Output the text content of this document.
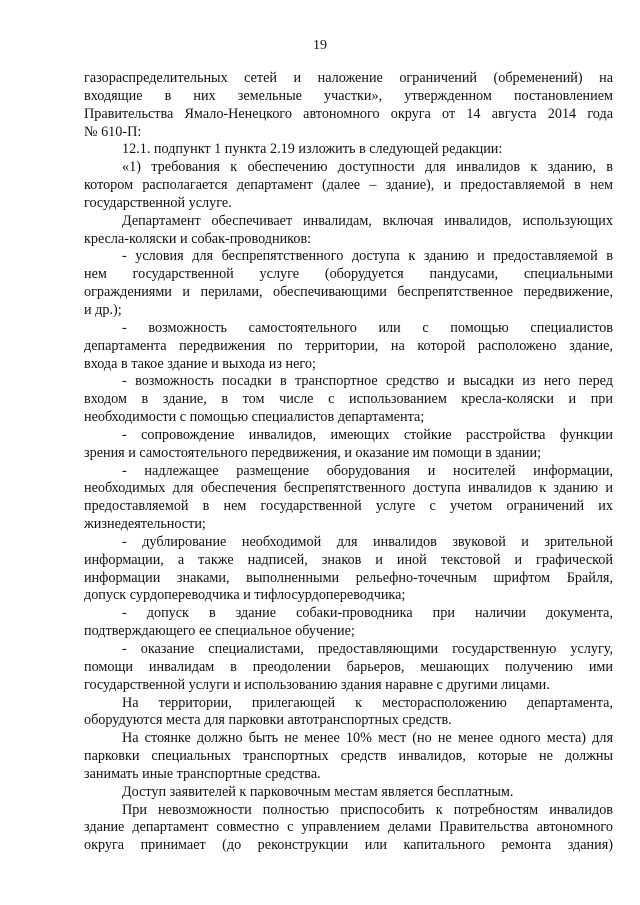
19
газораспределительных сетей и наложение ограничений (обременений) на
входящие в них земельные участки», утвержденном постановлением
Правительства Ямало-Ненецкого автономного округа от 14 августа 2014 года
№ 610-П:
12.1. подпункт 1 пункта 2.19 изложить в следующей редакции:
«1) требования к обеспечению доступности для инвалидов к зданию, в
котором располагается департамент (далее – здание), и предоставляемой в нем
государственной услуге.
Департамент обеспечивает инвалидам, включая инвалидов, использующих
кресла-коляски и собак-проводников:
- условия для беспрепятственного доступа к зданию и предоставляемой в
нем государственной услуге (оборудуется пандусами, специальными
ограждениями и перилами, обеспечивающими беспрепятственное передвижение,
и др.);
- возможность самостоятельного или с помощью специалистов
департамента передвижения по территории, на которой расположено здание,
входа в такое здание и выхода из него;
- возможность посадки в транспортное средство и высадки из него перед
входом в здание, в том числе с использованием кресла-коляски и при
необходимости с помощью специалистов департамента;
- сопровождение инвалидов, имеющих стойкие расстройства функции
зрения и самостоятельного передвижения, и оказание им помощи в здании;
- надлежащее размещение оборудования и носителей информации,
необходимых для обеспечения беспрепятственного доступа инвалидов к зданию и
предоставляемой в нем государственной услуге с учетом ограничений их
жизнедеятельности;
- дублирование необходимой для инвалидов звуковой и зрительной
информации, а также надписей, знаков и иной текстовой и графической
информации знаками, выполненными рельефно-точечным шрифтом Брайля,
допуск сурдопереводчика и тифлосурдопереводчика;
- допуск в здание собаки-проводника при наличии документа,
подтверждающего ее специальное обучение;
- оказание специалистами, предоставляющими государственную услугу,
помощи инвалидам в преодолении барьеров, мешающих получению ими
государственной услуги и использованию здания наравне с другими лицами.
На территории, прилегающей к месторасположению департамента,
оборудуются места для парковки автотранспортных средств.
На стоянке должно быть не менее 10% мест (но не менее одного места) для
парковки специальных транспортных средств инвалидов, которые не должны
занимать иные транспортные средства.
Доступ заявителей к парковочным местам является бесплатным.
При невозможности полностью приспособить к потребностям инвалидов
здание департамент совместно с управлением делами Правительства автономного
округа принимает (до реконструкции или капитального ремонта здания)
